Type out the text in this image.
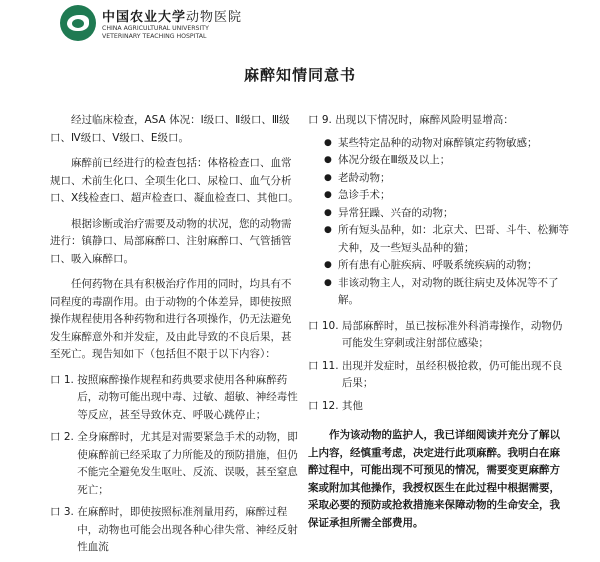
中国农业大学动物医院
CHINA AGRICULTURAL UNIVERSITY
VETERINARY TEACHING HOSPITAL
麻醉知情同意书

经过临床检查，ASA 体况：Ⅰ级口、Ⅱ级口、Ⅲ级口、Ⅳ级口、Ⅴ级口、E级口。

麻醉前已经进行的检查包括：体格检查口、血常规口、术前生化口、全项生化口、尿检口、血气分析口、X线检查口、超声检查口、凝血检查口、其他口。

根据诊断或治疗需要及动物的状况，您的动物需进行：镇静口、局部麻醉口、注射麻醉口、气管插管口、吸入麻醉口。

任何药物在具有积极治疗作用的同时，均具有不同程度的毒副作用。由于动物的个体差异，即使按照操作规程使用各种药物和进行各项操作，仍无法避免发生麻醉意外和并发症，及由此导致的不良后果，甚至死亡。现告知如下（包括但不限于以下内容）：

口 1. 按照麻醉操作规程和药典要求使用各种麻醉药后，动物可能出现中毒、过敏、超敏、神经毒性等反应，甚至导致休克、呼吸心跳停止；
口 2. 全身麻醉时，尤其是对需要紧急手术的动物，即使麻醉前已经采取了力所能及的预防措施，但仍不能完全避免发生呕吐、反流、误吸，甚至窒息死亡；
口 3. 在麻醉时，即使按照标准剂量用药，麻醉过程中，动物也可能会出现各种心律失常、神经反射性血流
口 9. 出现以下情况时，麻醉风险明显增高：
● 某些特定品种的动物对麻醉镇定药物敏感；
● 体况分级在Ⅲ级及以上；
● 老龄动物；
● 急诊手术；
● 异常狂躁、兴奋的动物；
● 所有短头品种，如：北京犬、巴哥、斗牛、松狮等犬种，及一些短头品种的猫；
● 所有患有心脏疾病、呼吸系统疾病的动物；
● 非该动物主人，对动物的既往病史及体况等不了解。
口 10. 局部麻醉时，虽已按标准外科消毒操作，动物仍可能发生穿刺或注射部位感染；
口 11. 出现并发症时，虽经积极抢救，仍可能出现不良后果；
口 12. 其他

作为该动物的监护人，我已详细阅读并充分了解以上内容，经慎重考虑，决定进行此项麻醉。我明白在麻醉过程中，可能出现不可预见的情况，需要变更麻醉方案或附加其他操作，我授权医生在此过程中根据需要，采取必要的预防或抢救措施来保障动物的生命安全，我保证承担所需全部费用。
